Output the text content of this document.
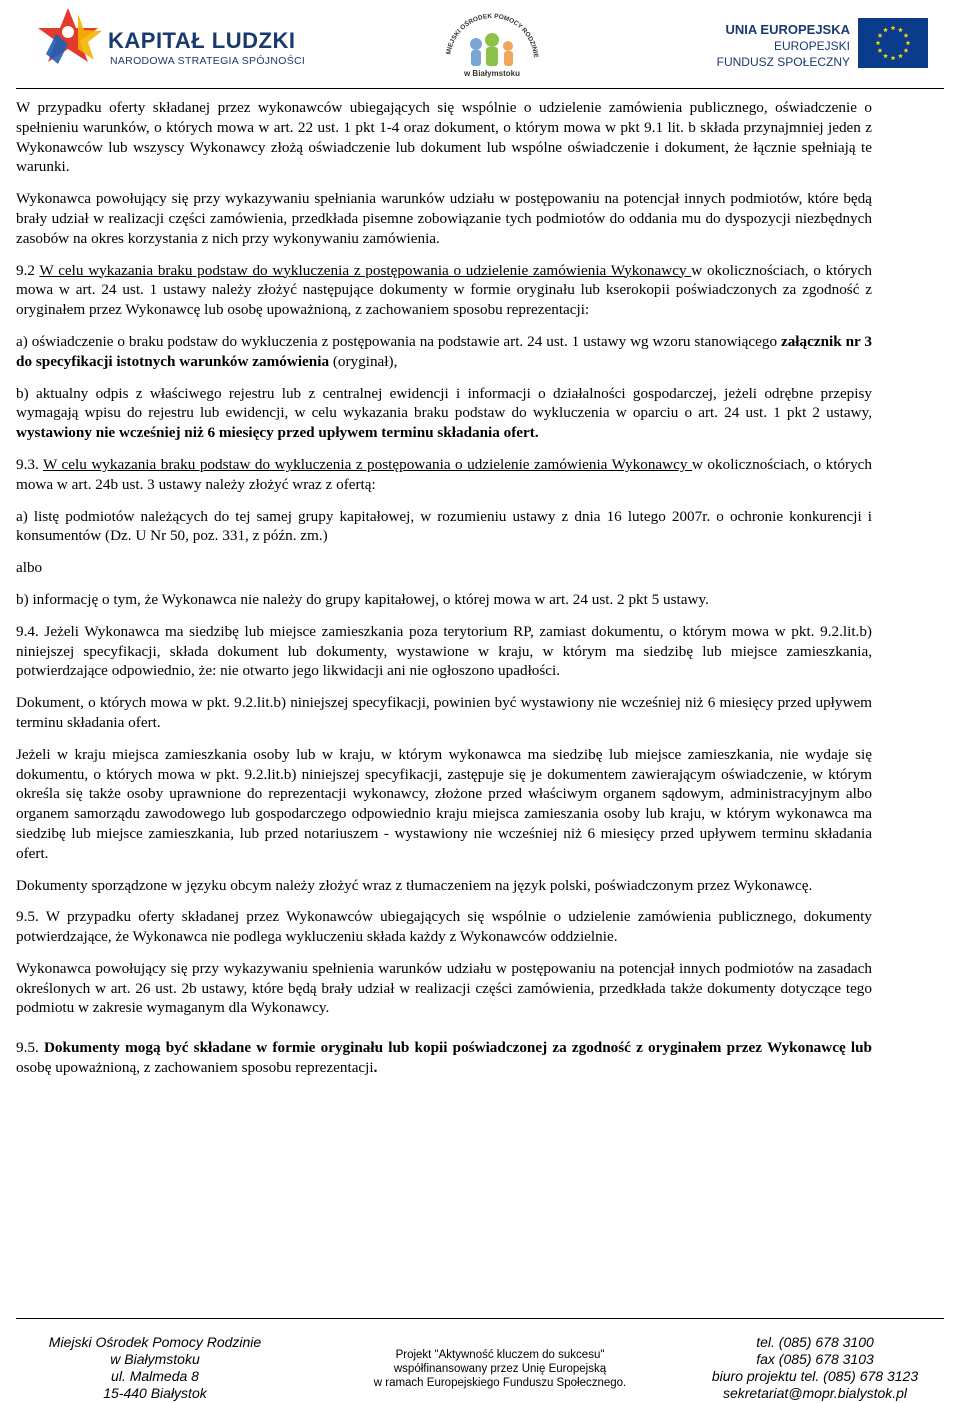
KAPITAŁ LUDZKI
NARODOWA STRATEGIA SPÓJNOŚCI
MIEJSKI OŚRODEK POMOCY RODZINIE
w Białymstoku
UNIA EUROPEJSKA
EUROPEJSKI
FUNDUSZ SPOŁECZNY

W przypadku oferty składanej przez wykonawców ubiegających się wspólnie o udzielenie zamówienia publicznego, oświadczenie o spełnieniu warunków, o których mowa w art. 22 ust. 1 pkt 1-4 oraz dokument, o którym mowa w pkt 9.1 lit. b składa przynajmniej jeden z Wykonawców lub wszyscy Wykonawcy złożą oświadczenie lub dokument lub wspólne oświadczenie i dokument, że łącznie spełniają te warunki.

Wykonawca powołujący się przy wykazywaniu spełniania warunków udziału w postępowaniu na potencjał innych podmiotów, które będą brały udział w realizacji części zamówienia, przedkłada pisemne zobowiązanie tych podmiotów do oddania mu do dyspozycji niezbędnych zasobów na okres korzystania z nich przy wykonywaniu zamówienia.

9.2 W celu wykazania braku podstaw do wykluczenia z postępowania o udzielenie zamówienia Wykonawcy w okolicznościach, o których mowa w art. 24 ust. 1 ustawy należy złożyć następujące dokumenty w formie oryginału lub kserokopii poświadczonych za zgodność z oryginałem przez Wykonawcę lub osobę upoważnioną, z zachowaniem sposobu reprezentacji:

a) oświadczenie o braku podstaw do wykluczenia z postępowania na podstawie art. 24 ust. 1 ustawy wg wzoru stanowiącego załącznik nr 3 do specyfikacji istotnych warunków zamówienia (oryginał),

b) aktualny odpis z właściwego rejestru lub z centralnej ewidencji i informacji o działalności gospodarczej, jeżeli odrębne przepisy wymagają wpisu do rejestru lub ewidencji, w celu wykazania braku podstaw do wykluczenia w oparciu o art. 24 ust. 1 pkt 2 ustawy, wystawiony nie wcześniej niż 6 miesięcy przed upływem terminu składania ofert.

9.3. W celu wykazania braku podstaw do wykluczenia z postępowania o udzielenie zamówienia Wykonawcy w okolicznościach, o których mowa w art. 24b ust. 3 ustawy należy złożyć wraz z ofertą:

a) listę podmiotów należących do tej samej grupy kapitałowej, w rozumieniu ustawy z dnia 16 lutego 2007r. o ochronie konkurencji i konsumentów (Dz. U Nr 50, poz. 331, z późn. zm.)

albo

b) informację o tym, że Wykonawca nie należy do grupy kapitałowej, o której mowa w art. 24 ust. 2 pkt 5 ustawy.

9.4. Jeżeli Wykonawca ma siedzibę lub miejsce zamieszkania poza terytorium RP, zamiast dokumentu, o którym mowa w pkt. 9.2.lit.b) niniejszej specyfikacji, składa dokument lub dokumenty, wystawione w kraju, w którym ma siedzibę lub miejsce zamieszkania, potwierdzające odpowiednio, że: nie otwarto jego likwidacji ani nie ogłoszono upadłości.

Dokument, o których mowa w pkt. 9.2.lit.b) niniejszej specyfikacji, powinien być wystawiony nie wcześniej niż 6 miesięcy przed upływem terminu składania ofert.

Jeżeli w kraju miejsca zamieszkania osoby lub w kraju, w którym wykonawca ma siedzibę lub miejsce zamieszkania, nie wydaje się dokumentu, o których mowa w pkt. 9.2.lit.b) niniejszej specyfikacji, zastępuje się je dokumentem zawierającym oświadczenie, w którym określa się także osoby uprawnione do reprezentacji wykonawcy, złożone przed właściwym organem sądowym, administracyjnym albo organem samorządu zawodowego lub gospodarczego odpowiednio kraju miejsca zamieszania osoby lub kraju, w którym wykonawca ma siedzibę lub miejsce zamieszkania, lub przed notariuszem - wystawiony nie wcześniej niż 6 miesięcy przed upływem terminu składania ofert.

Dokumenty sporządzone w języku obcym należy złożyć wraz z tłumaczeniem na język polski, poświadczonym przez Wykonawcę.

9.5. W przypadku oferty składanej przez Wykonawców ubiegających się wspólnie o udzielenie zamówienia publicznego, dokumenty potwierdzające, że Wykonawca nie podlega wykluczeniu składa każdy z Wykonawców oddzielnie.

Wykonawca powołujący się przy wykazywaniu spełnienia warunków udziału w postępowaniu na potencjał innych podmiotów na zasadach określonych w art. 26 ust. 2b ustawy, które będą brały udział w realizacji części zamówienia, przedkłada także dokumenty dotyczące tego podmiotu w zakresie wymaganym dla Wykonawcy.

9.5. Dokumenty mogą być składane w formie oryginału lub kopii poświadczonej za zgodność z oryginałem przez Wykonawcę lub osobę upoważnioną, z zachowaniem sposobu reprezentacji.

Miejski Ośrodek Pomocy Rodzinie
w Białymstoku
ul. Malmeda 8
15-440 Białystok
Projekt "Aktywność kluczem do sukcesu"
współfinansowany przez Unię Europejską
w ramach Europejskiego Funduszu Społecznego.
tel. (085) 678 3100
fax (085) 678 3103
biuro projektu tel. (085) 678 3123
sekretariat@mopr.bialystok.pl
